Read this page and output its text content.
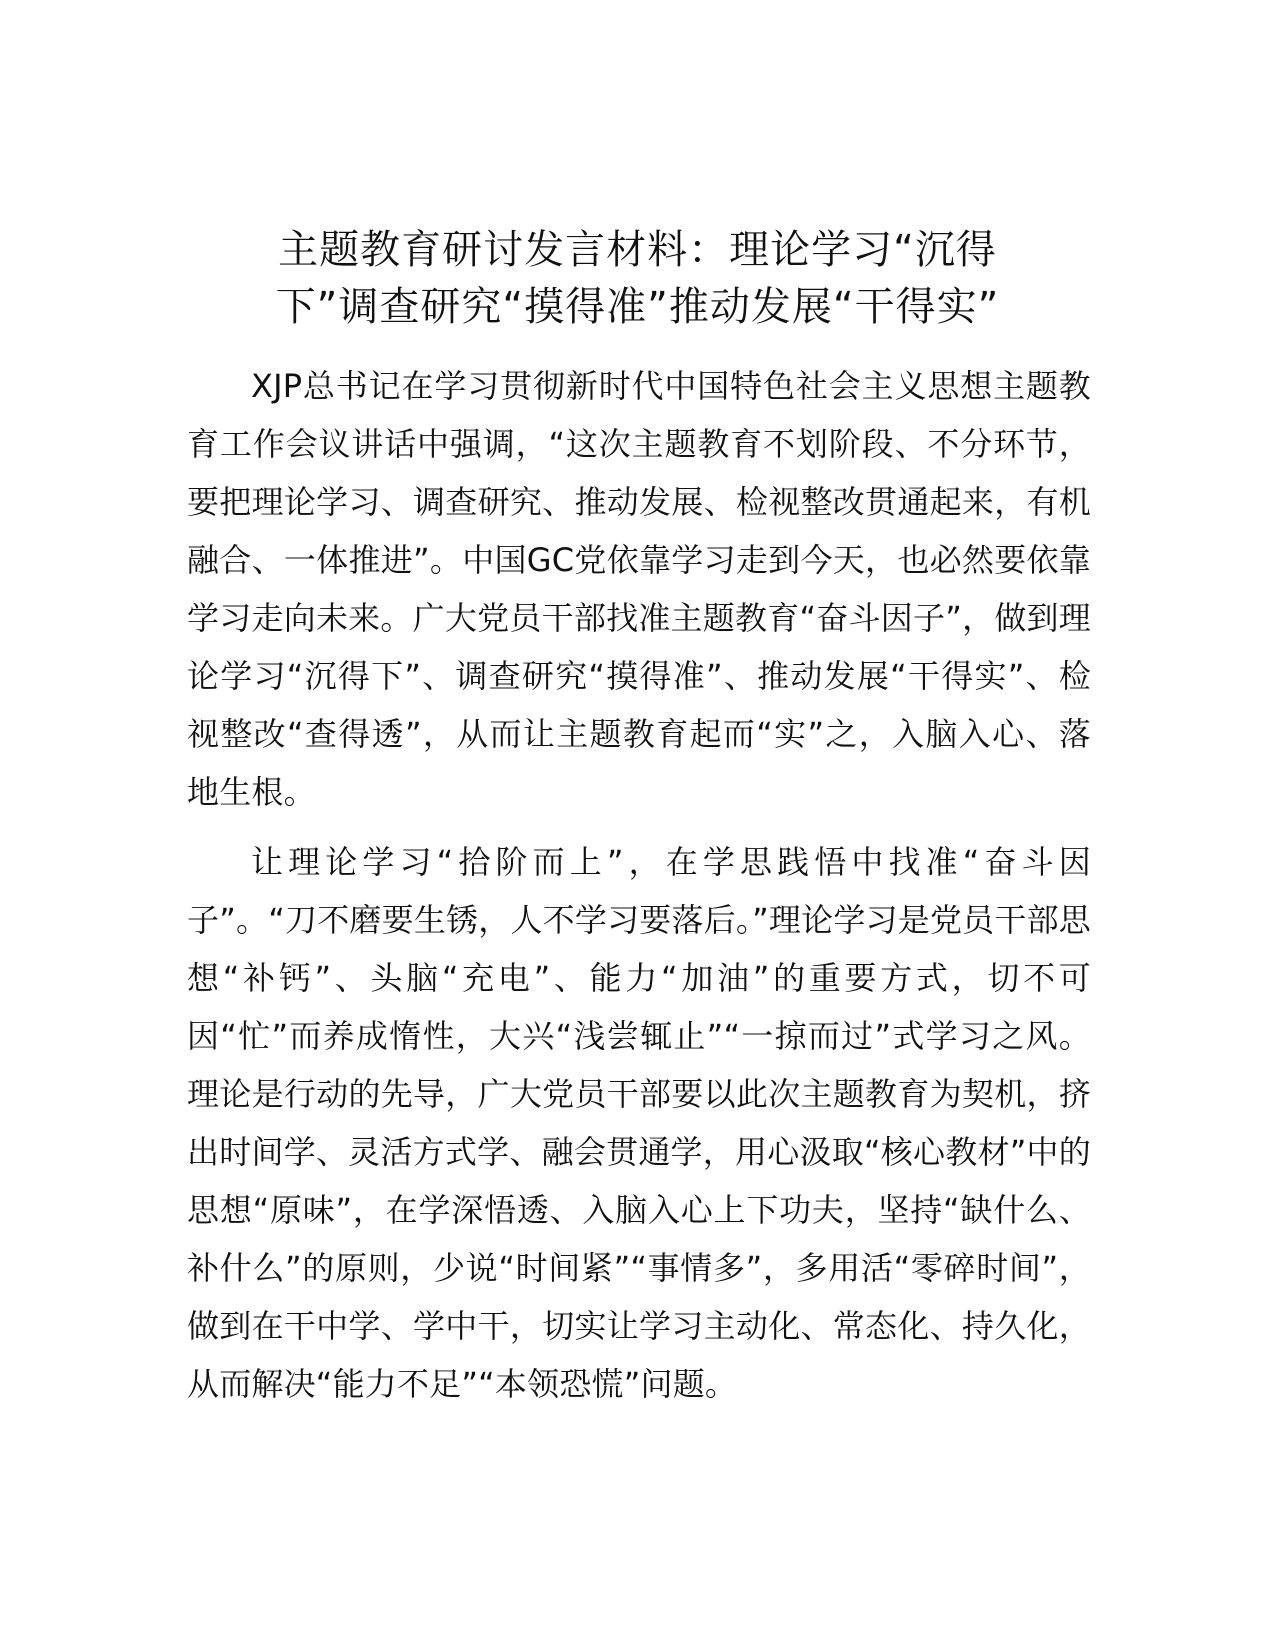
主题教育研讨发言材料：理论学习“沉得
下”调查研究“摸得准”推动发展“干得实”

XJP总书记在学习贯彻新时代中国特色社会主义思想主题教育工作会议讲话中强调，“这次主题教育不划阶段、不分环节，要把理论学习、调查研究、推动发展、检视整改贯通起来，有机融合、一体推进”。中国GC党依靠学习走到今天，也必然要依靠学习走向未来。广大党员干部找准主题教育“奋斗因子”，做到理论学习“沉得下”、调查研究“摸得准”、推动发展“干得实”、检视整改“查得透”，从而让主题教育起而“实”之，入脑入心、落地生根。

让理论学习“拾阶而上”，在学思践悟中找准“奋斗因子”。“刀不磨要生锈，人不学习要落后。”理论学习是党员干部思想“补钙”、头脑“充电”、能力“加油”的重要方式，切不可因“忙”而养成惰性，大兴“浅尝辄止”“一掠而过”式学习之风。理论是行动的先导，广大党员干部要以此次主题教育为契机，挤出时间学、灵活方式学、融会贯通学，用心汲取“核心教材”中的思想“原味”，在学深悟透、入脑入心上下功夫，坚持“缺什么、补什么”的原则，少说“时间紧”“事情多”，多用活“零碎时间”，做到在干中学、学中干，切实让学习主动化、常态化、持久化，从而解决“能力不足”“本领恐慌”问题。
